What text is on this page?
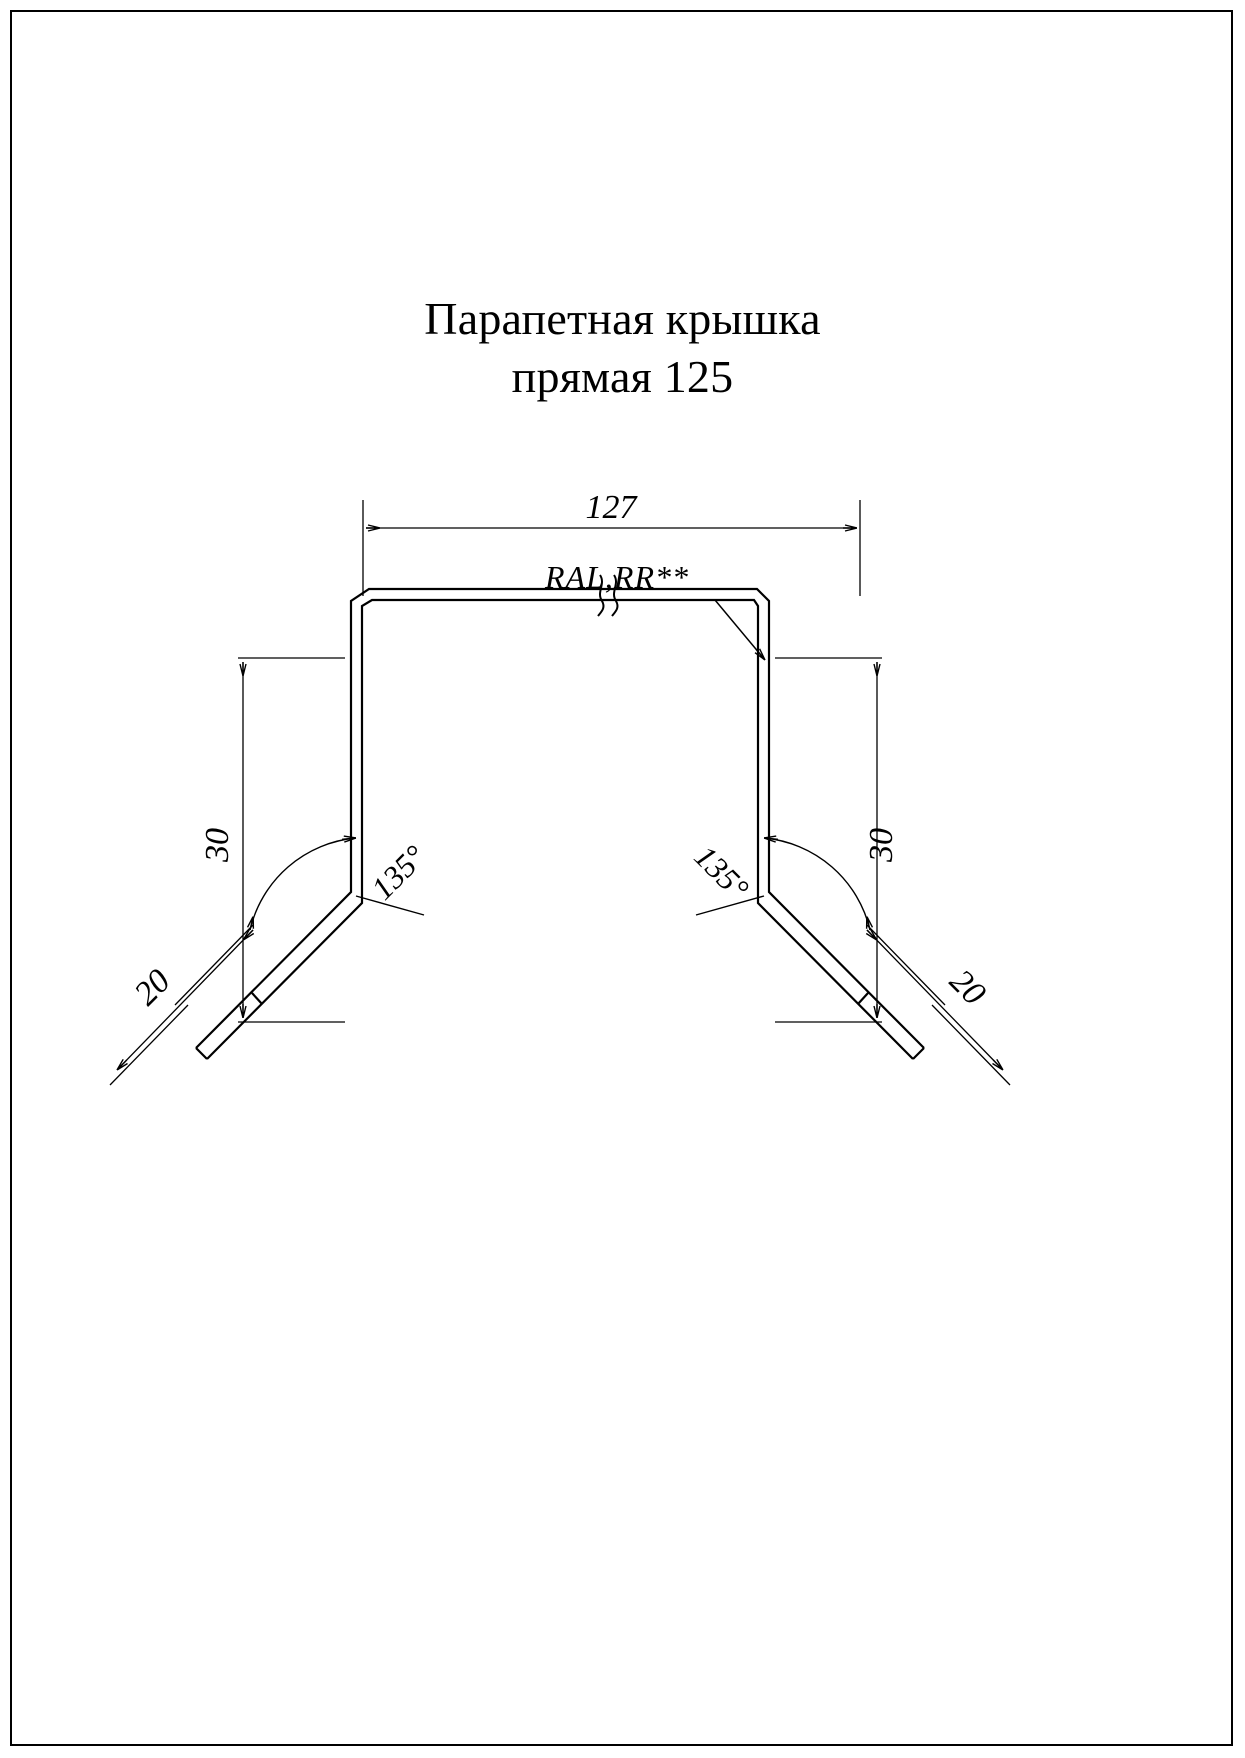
Парапетная крышка
прямая 125
127
RAL,RR**
30	30
20	20
135°	135°
